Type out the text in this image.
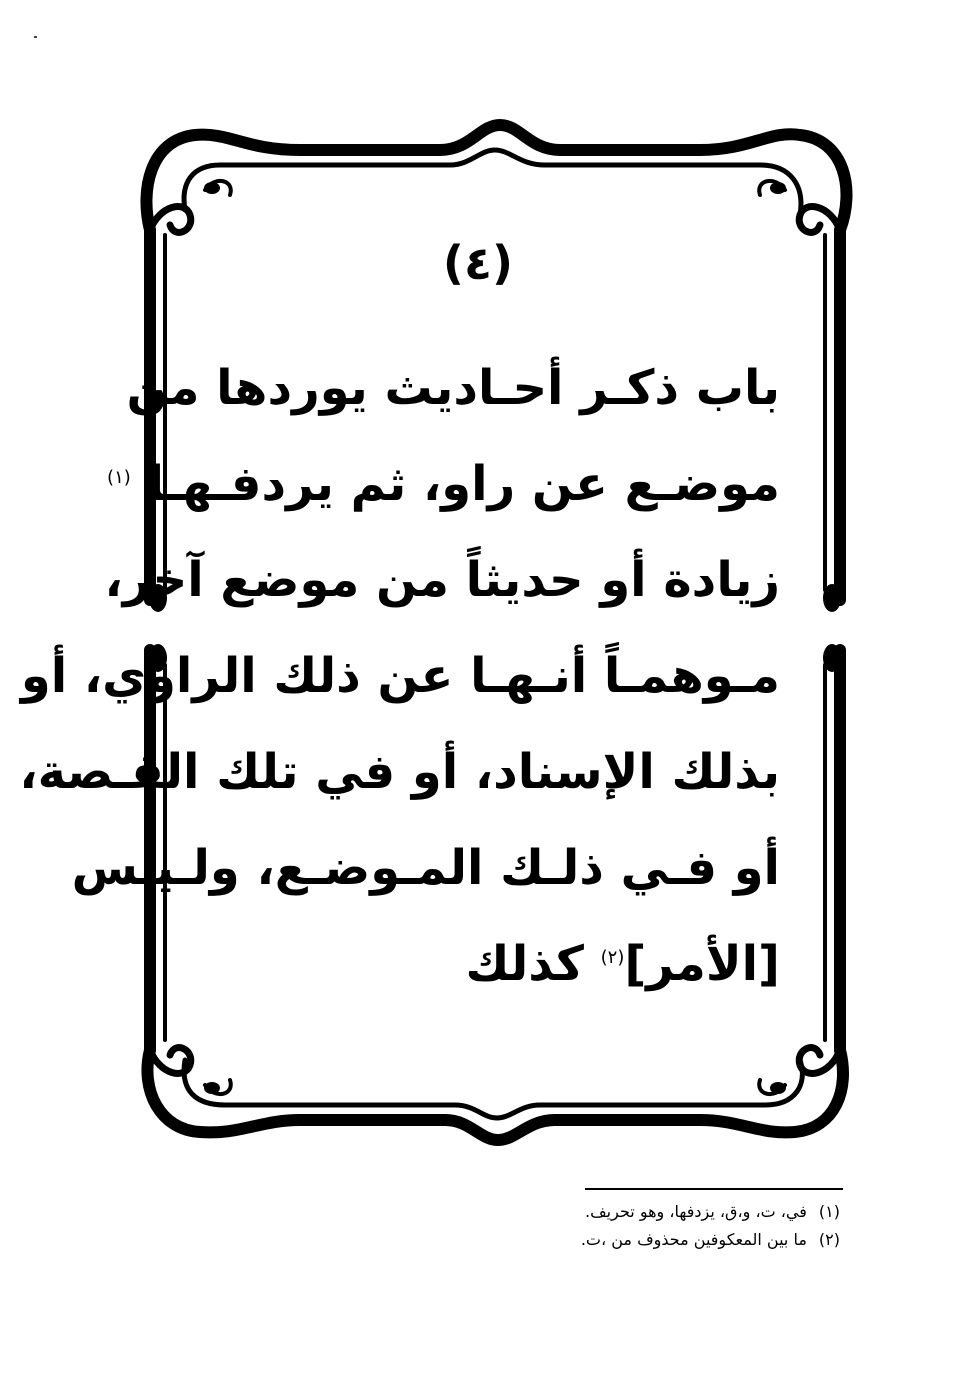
(٤)
باب ذكـر أحـاديث يوردها من
موضـع عن راو، ثم يردفـهـا $^{(١)}$
زيادة أو حديثاً من موضع آخر،
مـوهمـاً أنـهـا عن ذلك الراوي، أو
بذلك الإسناد، أو في تلك القـصة،
أو فـي ذلـك المـوضـع، ولـيـس
[الأمر]$^{(٢)}$ كذلك
(١)في، ت، و،ق، يزدفها، وهو تحريف.
(٢)ما بين المعكوفين محذوف من ،ت.
